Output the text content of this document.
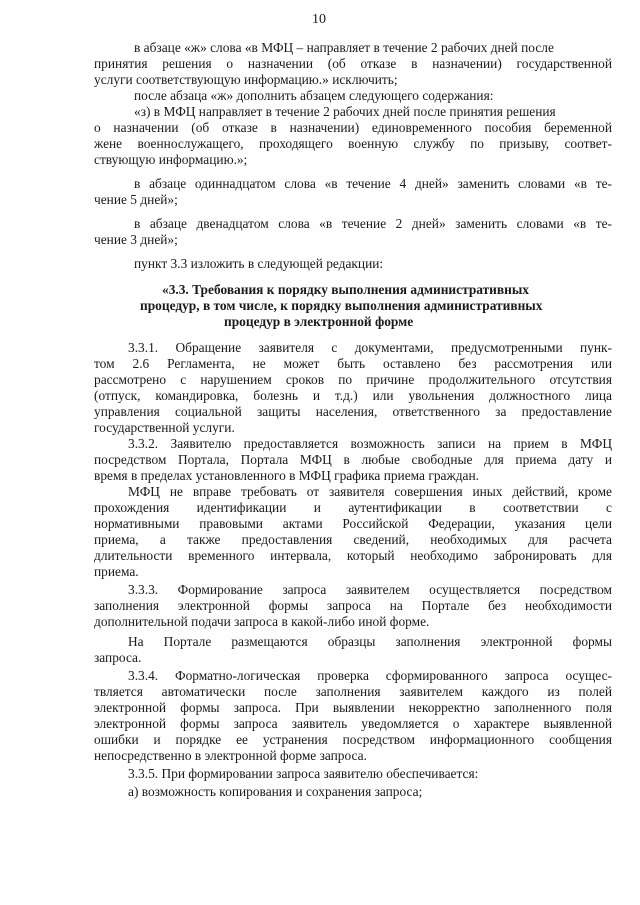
10
в абзаце «ж» слова «в МФЦ – направляет в течение 2 рабочих дней после
принятия решения о назначении (об отказе в назначении) государственной
услуги соответствующую информацию.» исключить;
после абзаца «ж» дополнить абзацем следующего содержания:
«з) в МФЦ направляет в течение 2 рабочих дней после принятия решения
о назначении (об отказе в назначении) единовременного пособия беременной
жене военнослужащего, проходящего военную службу по призыву, соответ-
ствующую информацию.»;
в абзаце одиннадцатом слова «в течение 4 дней» заменить словами «в те-
чение 5 дней»;
в абзаце двенадцатом слова «в течение 2 дней» заменить словами «в те-
чение 3 дней»;
пункт 3.3 изложить в следующей редакции:
«3.3. Требования к порядку выполнения административных
процедур, в том числе, к порядку выполнения административных
процедур в электронной форме
3.3.1. Обращение заявителя с документами, предусмотренными пунк-
том 2.6 Регламента, не может быть оставлено без рассмотрения или
рассмотрено с нарушением сроков по причине продолжительного отсутствия
(отпуск, командировка, болезнь и т.д.) или увольнения должностного лица
управления социальной защиты населения, ответственного за предоставление
государственной услуги.
3.3.2. Заявителю предоставляется возможность записи на прием в МФЦ
посредством Портала, Портала МФЦ в любые свободные для приема дату и
время в пределах установленного в МФЦ графика приема граждан.
МФЦ не вправе требовать от заявителя совершения иных действий, кроме
прохождения идентификации и аутентификации в соответствии с
нормативными правовыми актами Российской Федерации, указания цели
приема, а также предоставления сведений, необходимых для расчета
длительности временного интервала, который необходимо забронировать для
приема.
3.3.3. Формирование запроса заявителем осуществляется посредством
заполнения электронной формы запроса на Портале без необходимости
дополнительной подачи запроса в какой-либо иной форме.
На Портале размещаются образцы заполнения электронной формы
запроса.
3.3.4. Форматно-логическая проверка сформированного запроса осущес-
твляется автоматически после заполнения заявителем каждого из полей
электронной формы запроса. При выявлении некорректно заполненного поля
электронной формы запроса заявитель уведомляется о характере выявленной
ошибки и порядке ее устранения посредством информационного сообщения
непосредственно в электронной форме запроса.
3.3.5. При формировании запроса заявителю обеспечивается:
а) возможность копирования и сохранения запроса;
